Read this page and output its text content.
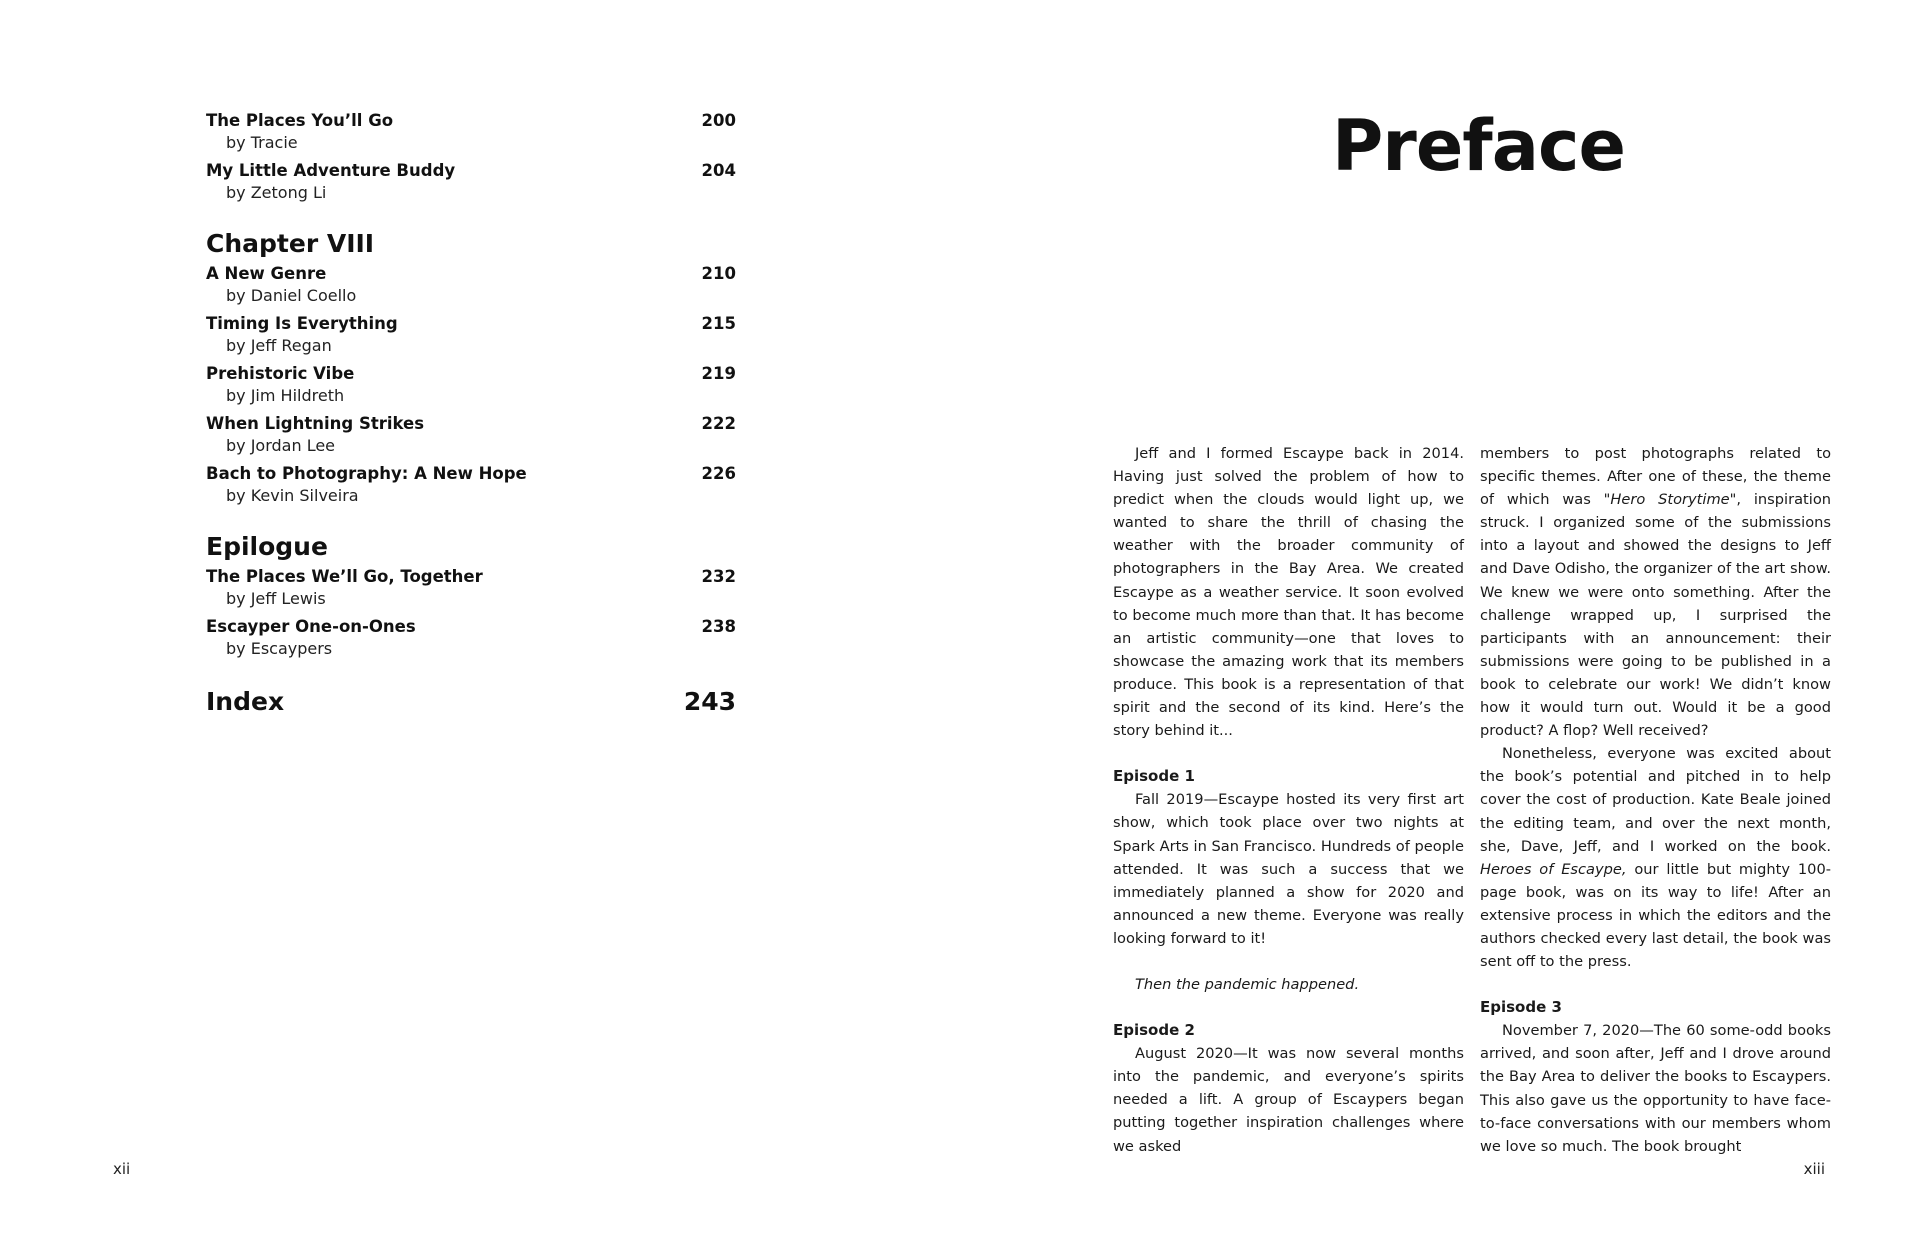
The Places You’ll Go	200
by Tracie
My Little Adventure Buddy	204
by Zetong Li
Chapter VIII
A New Genre	210
by Daniel Coello
Timing Is Everything	215
by Jeff Regan
Prehistoric Vibe	219
by Jim Hildreth
When Lightning Strikes	222
by Jordan Lee
Bach to Photography: A New Hope	226
by Kevin Silveira
Epilogue
The Places We’ll Go, Together	232
by Jeff Lewis
Escayper One-on-Ones	238
by Escaypers
Index	243
xii
Preface

Jeff and I formed Escaype back in 2014. Having just solved the problem of how to predict when the clouds would light up, we wanted to share the thrill of chasing the weather with the broader community of photographers in the Bay Area. We created Escaype as a weather service. It soon evolved to become much more than that. It has become an artistic community—one that loves to showcase the amazing work that its members produce. This book is a representation of that spirit and the second of its kind. Here’s the story behind it...

Episode 1

Fall 2019—Escaype hosted its very first art show, which took place over two nights at Spark Arts in San Francisco. Hundreds of people attended. It was such a success that we immediately planned a show for 2020 and announced a new theme. Everyone was really looking forward to it!

Then the pandemic happened.

Episode 2

August 2020—It was now several months into the pandemic, and everyone’s spirits needed a lift. A group of Escaypers began putting together inspiration challenges where we asked

members to post photographs related to specific themes. After one of these, the theme of which was "Hero Storytime", inspiration struck. I organized some of the submissions into a layout and showed the designs to Jeff and Dave Odisho, the organizer of the art show. We knew we were onto something. After the challenge wrapped up, I surprised the participants with an announcement: their submissions were going to be published in a book to celebrate our work! We didn’t know how it would turn out. Would it be a good product? A flop? Well received?

Nonetheless, everyone was excited about the book’s potential and pitched in to help cover the cost of production. Kate Beale joined the editing team, and over the next month, she, Dave, Jeff, and I worked on the book. Heroes of Escaype, our little but mighty 100-page book, was on its way to life! After an extensive process in which the editors and the authors checked every last detail, the book was sent off to the press.

Episode 3

November 7, 2020—The 60 some-odd books arrived, and soon after, Jeff and I drove around the Bay Area to deliver the books to Escaypers. This also gave us the opportunity to have face-to-face conversations with our members whom we love so much. The book brought

xiii
